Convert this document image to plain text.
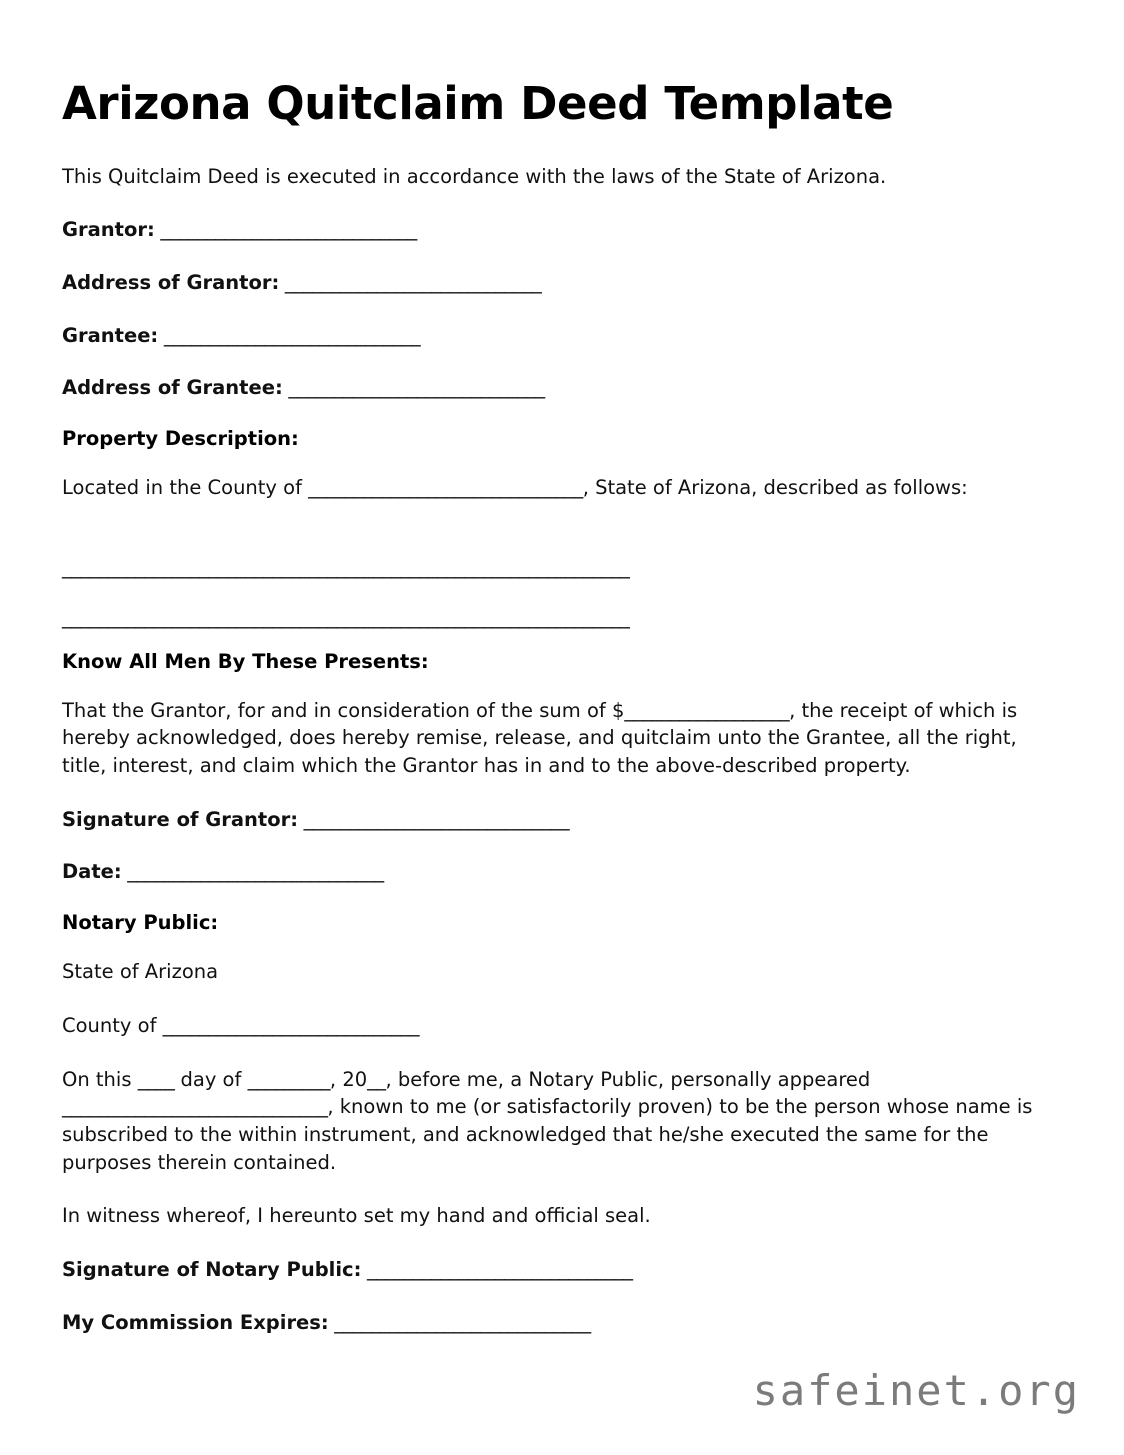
Arizona Quitclaim Deed Template

This Quitclaim Deed is executed in accordance with the laws of the State of Arizona.

Grantor: ____________________________
Address of Grantor: ____________________________
Grantee: ____________________________
Address of Grantee: ____________________________
Property Description:

Located in the County of ______________________________, State of Arizona, described as follows:

______________________________________________________________
______________________________________________________________
Know All Men By These Presents:

That the Grantor, for and in consideration of the sum of $__________________, the receipt of which is hereby acknowledged, does hereby remise, release, and quitclaim unto the Grantee, all the right, title, interest, and claim which the Grantor has in and to the above-described property.

Signature of Grantor: _____________________________
Date: ____________________________
Notary Public:

State of Arizona

County of ____________________________

On this ____ day of _________, 20__, before me, a Notary Public, personally appeared _____________________________, known to me (or satisfactorily proven) to be the person whose name is subscribed to the within instrument, and acknowledged that he/she executed the same for the purposes therein contained.

In witness whereof, I hereunto set my hand and official seal.

Signature of Notary Public: _____________________________
My Commission Expires: ____________________________
safeinet.org
